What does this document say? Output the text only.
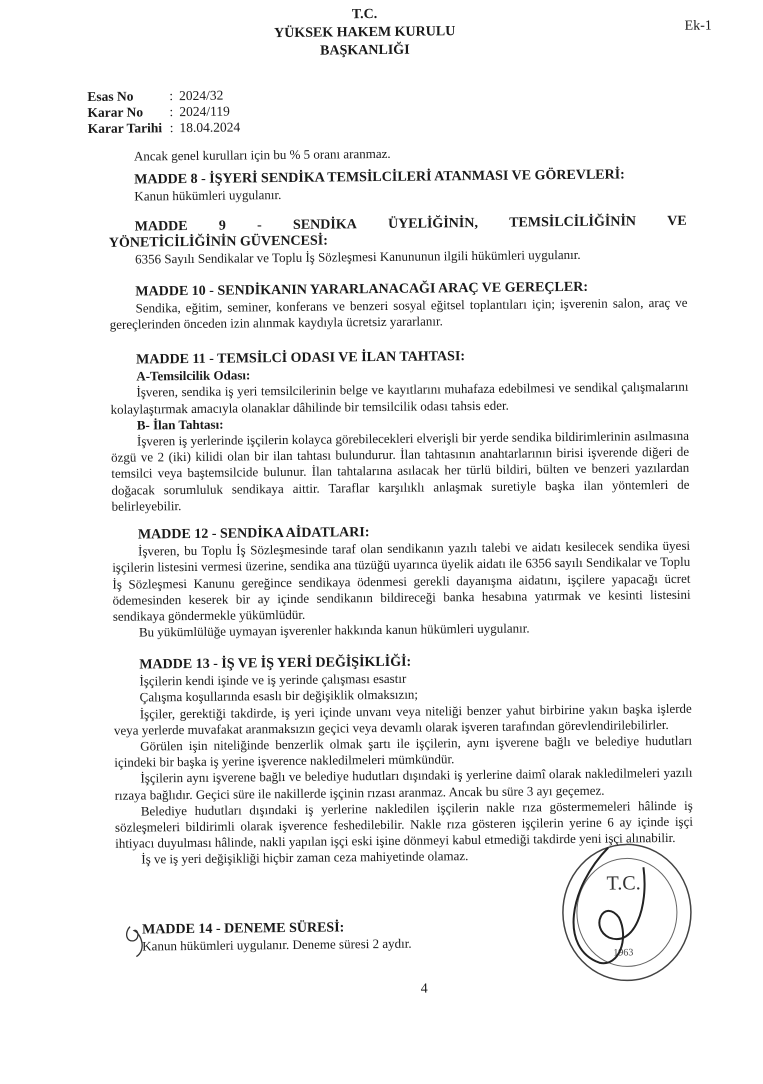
T.C.
YÜKSEK HAKEM KURULU
BAŞKANLIĞI
Ek-1
Esas No	:	2024/32
Karar No	:	2024/119
Karar Tarihi	:	18.04.2024

Ancak genel kurulları için bu % 5 oranı aranmaz.

MADDE 8 - İŞYERİ SENDİKA TEMSİLCİLERİ ATANMASI VE GÖREVLERİ:

Kanun hükümleri uygulanır.

MADDE 9 - SENDİKA ÜYELİĞİNİN, TEMSİLCİLİĞİNİN VE
YÖNETİCİLİĞİNİN GÜVENCESİ:

6356 Sayılı Sendikalar ve Toplu İş Sözleşmesi Kanununun ilgili hükümleri uygulanır.

MADDE 10 - SENDİKANIN YARARLANACAĞI ARAÇ VE GEREÇLER:

Sendika, eğitim, seminer, konferans ve benzeri sosyal eğitsel toplantıları için; işverenin salon, araç ve gereçlerinden önceden izin alınmak kaydıyla ücretsiz yararlanır.

MADDE 11 - TEMSİLCİ ODASI VE İLAN TAHTASI:
A-Temsilcilik Odası:

İşveren, sendika iş yeri temsilcilerinin belge ve kayıtlarını muhafaza edebilmesi ve sendikal çalışmalarını kolaylaştırmak amacıyla olanaklar dâhilinde bir temsilcilik odası tahsis eder.

B- İlan Tahtası:

İşveren iş yerlerinde işçilerin kolayca görebilecekleri elverişli bir yerde sendika bildirimlerinin asılmasına özgü ve 2 (iki) kilidi olan bir ilan tahtası bulundurur. İlan tahtasının anahtarlarının birisi işverende diğeri de temsilci veya baştemsilcide bulunur. İlan tahtalarına asılacak her türlü bildiri, bülten ve benzeri yazılardan doğacak sorumluluk sendikaya aittir. Taraflar karşılıklı anlaşmak suretiyle başka ilan yöntemleri de belirleyebilir.

MADDE 12 - SENDİKA AİDATLARI:

İşveren, bu Toplu İş Sözleşmesinde taraf olan sendikanın yazılı talebi ve aidatı kesilecek sendika üyesi işçilerin listesini vermesi üzerine, sendika ana tüzüğü uyarınca üyelik aidatı ile 6356 sayılı Sendikalar ve Toplu İş Sözleşmesi Kanunu gereğince sendikaya ödenmesi gerekli dayanışma aidatını, işçilere yapacağı ücret ödemesinden keserek bir ay içinde sendikanın bildireceği banka hesabına yatırmak ve kesinti listesini sendikaya göndermekle yükümlüdür.

Bu yükümlülüğe uymayan işverenler hakkında kanun hükümleri uygulanır.

MADDE 13 - İŞ VE İŞ YERİ DEĞİŞİKLİĞİ:

İşçilerin kendi işinde ve iş yerinde çalışması esastır

Çalışma koşullarında esaslı bir değişiklik olmaksızın;

İşçiler, gerektiği takdirde, iş yeri içinde unvanı veya niteliği benzer yahut birbirine yakın başka işlerde veya yerlerde muvafakat aranmaksızın geçici veya devamlı olarak işveren tarafından görevlendirilebilirler.

Görülen işin niteliğinde benzerlik olmak şartı ile işçilerin, aynı işverene bağlı ve belediye hudutları içindeki bir başka iş yerine işverence nakledilmeleri mümkündür.

İşçilerin aynı işverene bağlı ve belediye hudutları dışındaki iş yerlerine daimî olarak nakledilmeleri yazılı rızaya bağlıdır. Geçici süre ile nakillerde işçinin rızası aranmaz. Ancak bu süre 3 ayı geçemez.

Belediye hudutları dışındaki iş yerlerine nakledilen işçilerin nakle rıza göstermemeleri hâlinde iş sözleşmeleri bildirimli olarak işverence feshedilebilir. Nakle rıza gösteren işçilerin yerine 6 ay içinde işçi ihtiyacı duyulması hâlinde, nakli yapılan işçi eski işine dönmeyi kabul etmediği takdirde yeni işçi alınabilir.

İş ve iş yeri değişikliği hiçbir zaman ceza mahiyetinde olamaz.

MADDE 14 - DENEME SÜRESİ:

Kanun hükümleri uygulanır. Deneme süresi 2 aydır.

4
T.C.
1963
